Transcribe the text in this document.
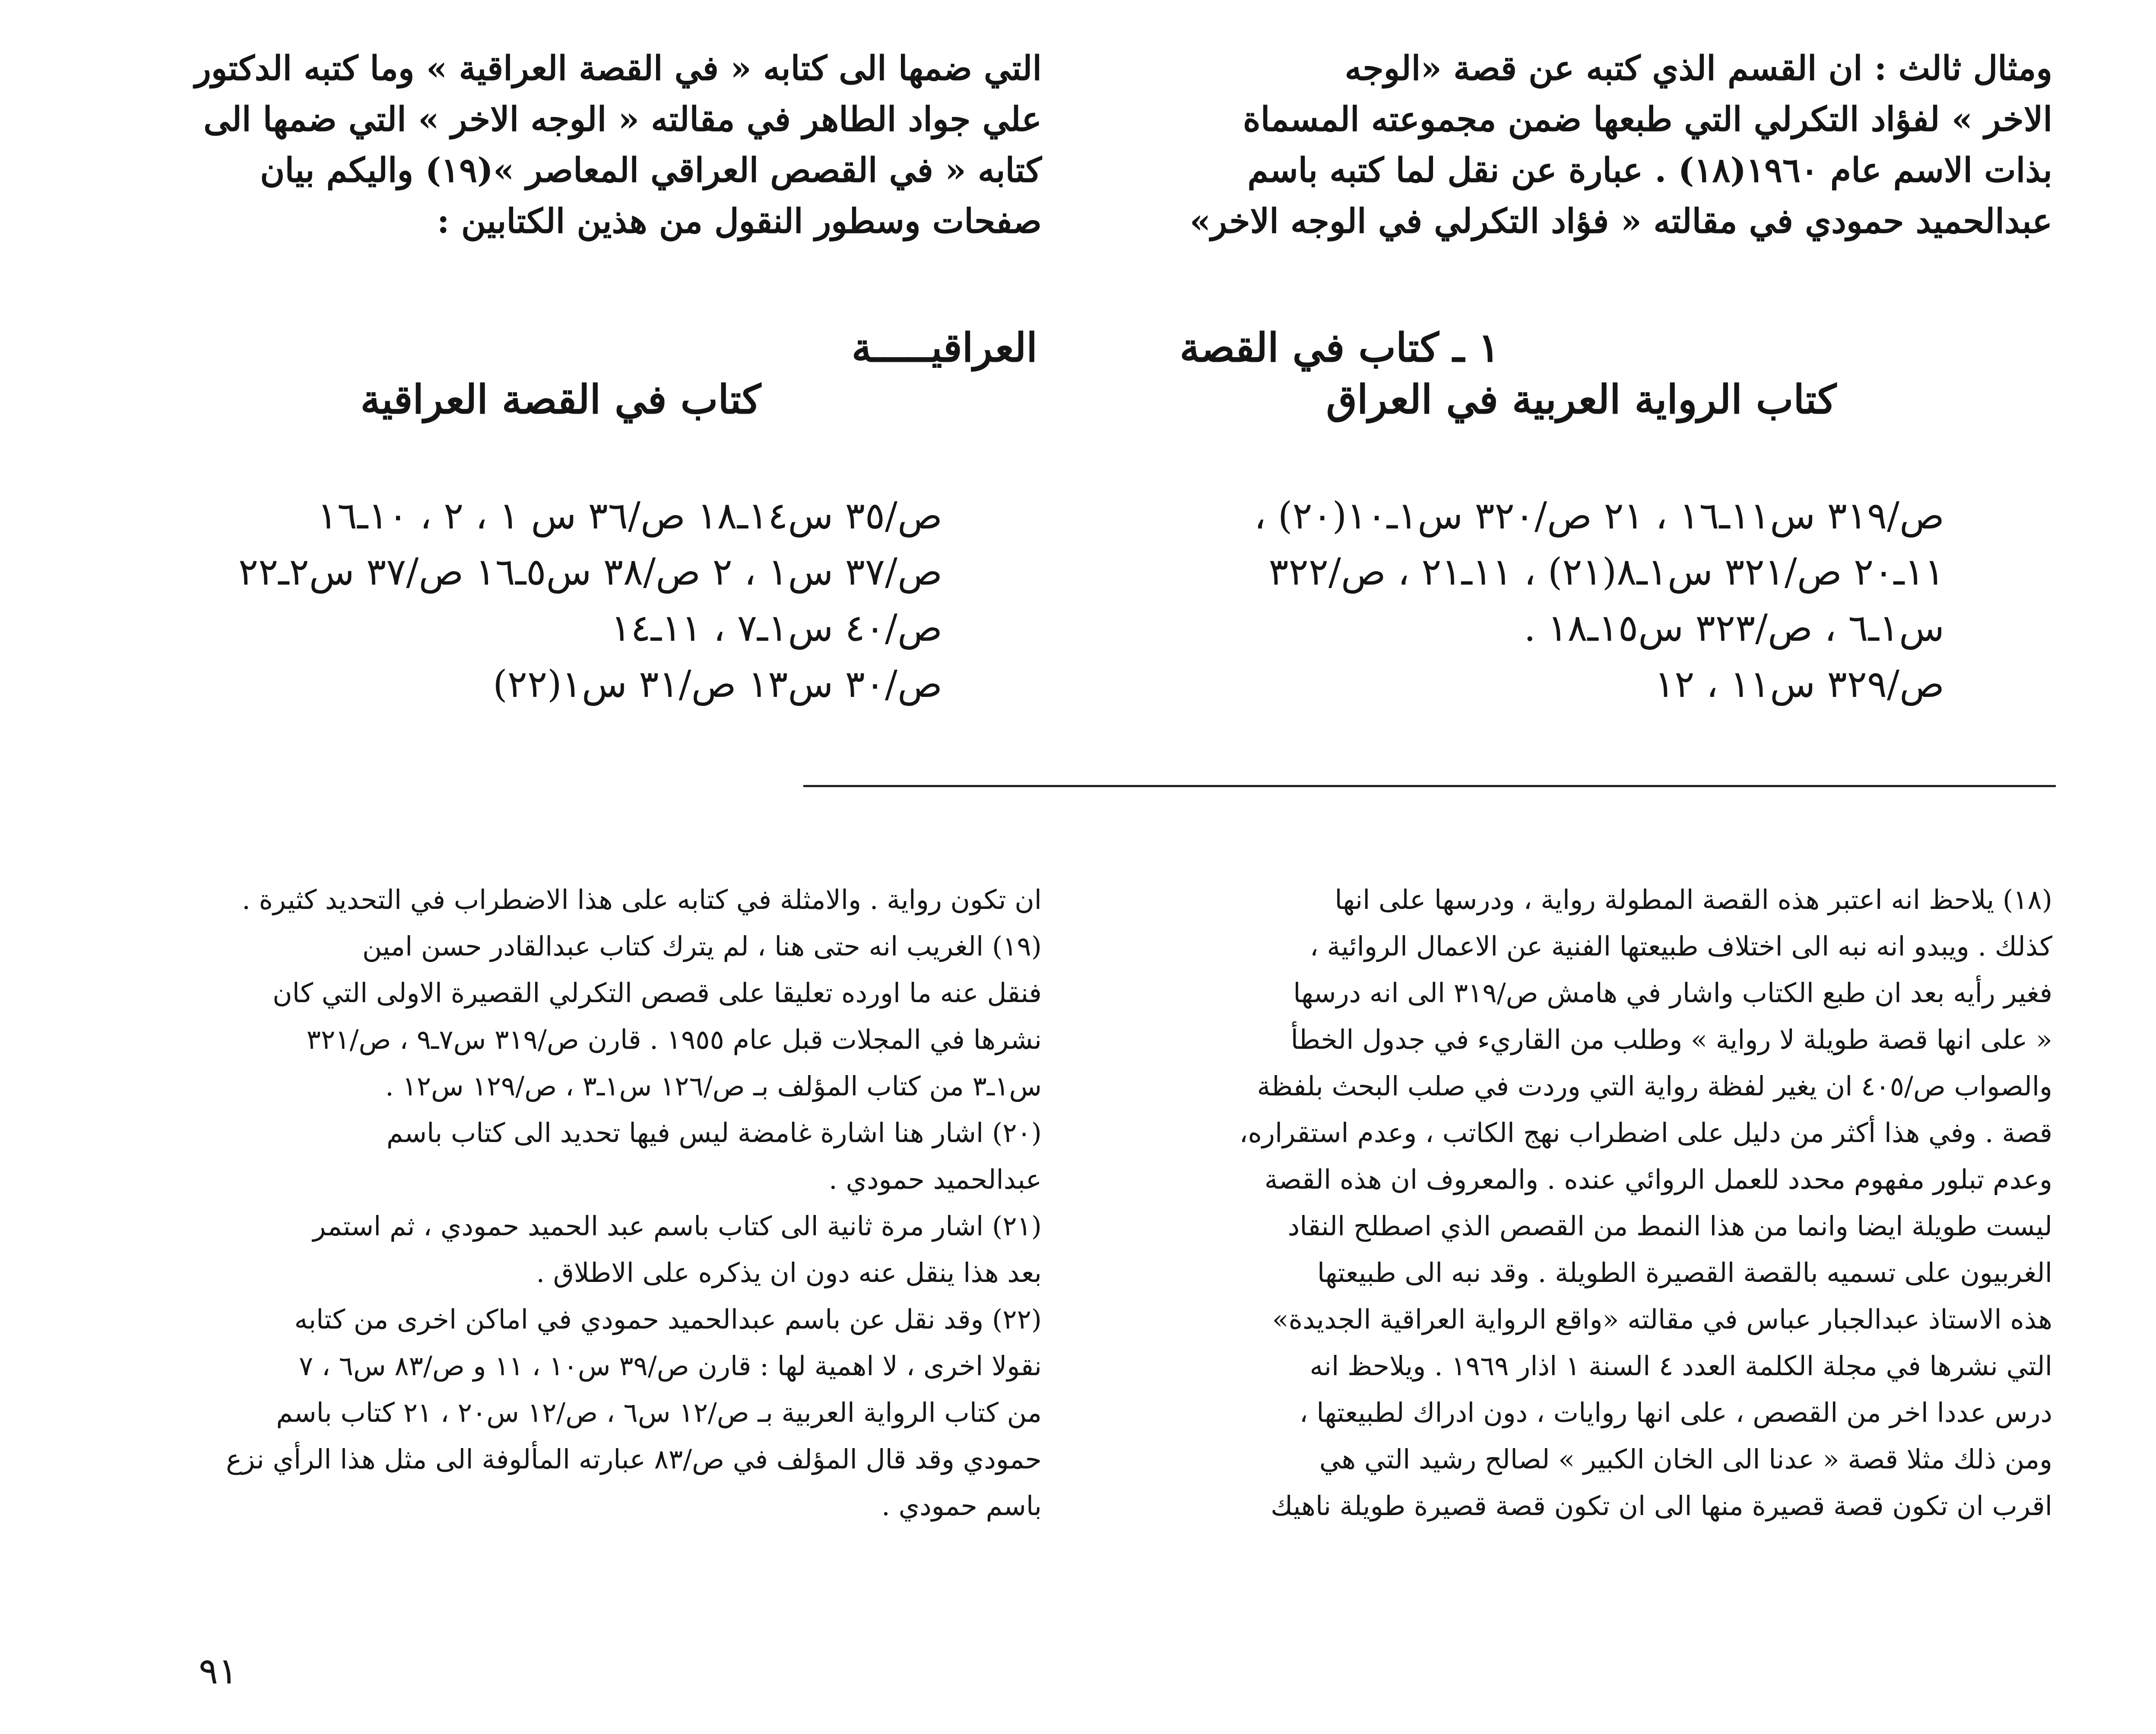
ومثال ثالث : ان القسم الذي كتبه عن قصة «الوجه

الاخر » لفؤاد التكرلي التي طبعها ضمن مجموعته المسماة

بذات الاسم عام ١٩٦٠(١٨) . عبارة عن نقل لما كتبه باسم

عبدالحميد حمودي في مقالته « فؤاد التكرلي في الوجه الاخر»

التي ضمها الى كتابه « في القصة العراقية » وما كتبه الدكتور

علي جواد الطاهر في مقالته « الوجه الاخر » التي ضمها الى

كتابه « في القصص العراقي المعاصر »(١٩) واليكم بيان

صفحات وسطور النقول من هذين الكتابين :

١ ـ كتاب في القصة
كتاب الرواية العربية في العراق
العراقيـــــة
كتاب في القصة العراقية
ص/٣١٩ س١١ـ١٦ ، ٢١ ص/٣٢٠ س١ـ١٠(٢٠) ،
١١ـ٢٠ ص/٣٢١ س١ـ٨(٢١) ، ١١ـ٢١ ، ص/٣٢٢
س١ـ٦ ، ص/٣٢٣ س١٥ـ١٨ .
ص/٣٢٩ س١١ ، ١٢
ص/٣٥ س١٤ـ١٨ ص/٣٦ س ١ ، ٢ ، ١٠ـ١٦
ص/٣٧ س١ ، ٢ ص/٣٨ س٥ـ١٦ ص/٣٧ س٢ـ٢٢
ص/٤٠ س١ـ٧ ، ١١ـ١٤
ص/٣٠ س١٣ ص/٣١ س١(٢٢)

(١٨) يلاحظ انه اعتبر هذه القصة المطولة رواية ، ودرسها على انها

كذلك . ويبدو انه نبه الى اختلاف طبيعتها الفنية عن الاعمال الروائية ،

فغير رأيه بعد ان طبع الكتاب واشار في هامش ص/٣١٩ الى انه درسها

« على انها قصة طويلة لا رواية » وطلب من القاريء في جدول الخطأ

والصواب ص/٤٠٥ ان يغير لفظة رواية التي وردت في صلب البحث بلفظة

قصة . وفي هذا أكثر من دليل على اضطراب نهج الكاتب ، وعدم استقراره،

وعدم تبلور مفهوم محدد للعمل الروائي عنده . والمعروف ان هذه القصة

ليست طويلة ايضا وانما من هذا النمط من القصص الذي اصطلح النقاد

الغربيون على تسميه بالقصة القصيرة الطويلة . وقد نبه الى طبيعتها

هذه الاستاذ عبدالجبار عباس في مقالته «واقع الرواية العراقية الجديدة»

التي نشرها في مجلة الكلمة العدد ٤ السنة ١ اذار ١٩٦٩ . ويلاحظ انه

درس عددا اخر من القصص ، على انها روايات ، دون ادراك لطبيعتها ،

ومن ذلك مثلا قصة « عدنا الى الخان الكبير » لصالح رشيد التي هي

اقرب ان تكون قصة قصيرة منها الى ان تكون قصة قصيرة طويلة ناهيك

ان تكون رواية . والامثلة في كتابه على هذا الاضطراب في التحديد كثيرة .

(١٩) الغريب انه حتى هنا ، لم يترك كتاب عبدالقادر حسن امين

فنقل عنه ما اورده تعليقا على قصص التكرلي القصيرة الاولى التي كان

نشرها في المجلات قبل عام ١٩٥٥ . قارن ص/٣١٩ س٧ـ٩ ، ص/٣٢١

س١ـ٣ من كتاب المؤلف بـ ص/١٢٦ س١ـ٣ ، ص/١٢٩ س١٢ .

(٢٠) اشار هنا اشارة غامضة ليس فيها تحديد الى كتاب باسم

عبدالحميد حمودي .

(٢١) اشار مرة ثانية الى كتاب باسم عبد الحميد حمودي ، ثم استمر

بعد هذا ينقل عنه دون ان يذكره على الاطلاق .

(٢٢) وقد نقل عن باسم عبدالحميد حمودي في اماكن اخرى من كتابه

نقولا اخرى ، لا اهمية لها : قارن ص/٣٩ س١٠ ، ١١ و ص/٨٣ س٦ ، ٧

من كتاب الرواية العربية بـ ص/١٢ س٦ ، ص/١٢ س٢٠ ، ٢١ كتاب باسم

حمودي وقد قال المؤلف في ص/٨٣ عبارته المألوفة الى مثل هذا الرأي نزع

باسم حمودي .

٩١
